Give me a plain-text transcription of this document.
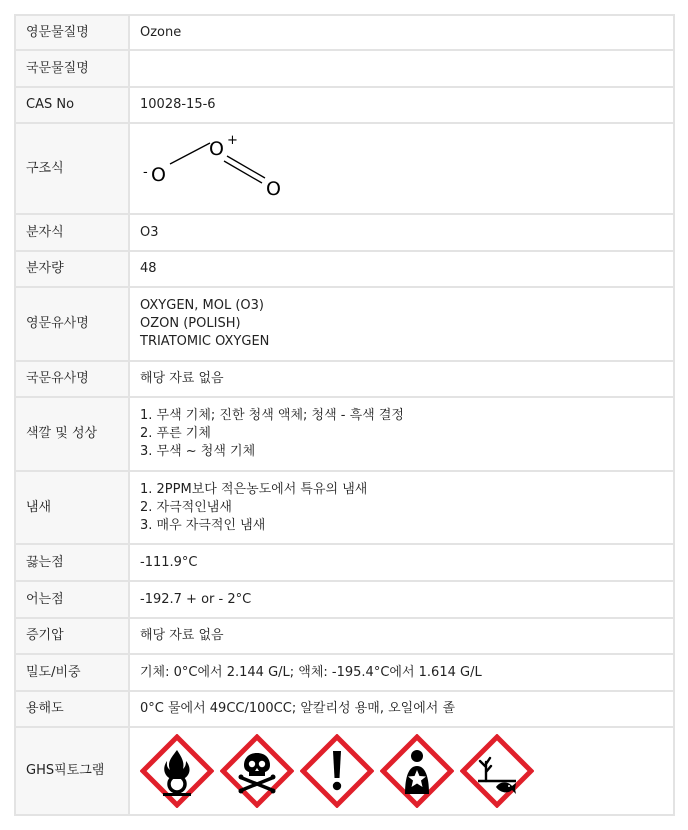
영문물질명	Ozone
국문물질명	
CAS No	10028-15-6
구조식	- O
O +
O

분자식	O3
분자량	48
영문유사명	OXYGEN, MOL (O3)
OZON (POLISH)
TRIATOMIC OXYGEN

국문유사명	해당 자료 없음
색깔 및 성상	1. 무색 기체; 진한 청색 액체; 청색 - 흑색 결정
2. 푸른 기체
3. 무색 ~ 청색 기체

냄새	1. 2PPM보다 적은농도에서 특유의 냄새
2. 자극적인냄새
3. 매우 자극적인 냄새

끓는점	-111.9°C
어는점	-192.7 + or - 2°C
증기압	해당 자료 없음
밀도/비중	기체: 0°C에서 2.144 G/L; 액체: -195.4°C에서 1.614 G/L
용해도	0°C 물에서 49CC/100CC; 알칼리성 용매, 오일에서 졸
GHS픽토그램	
